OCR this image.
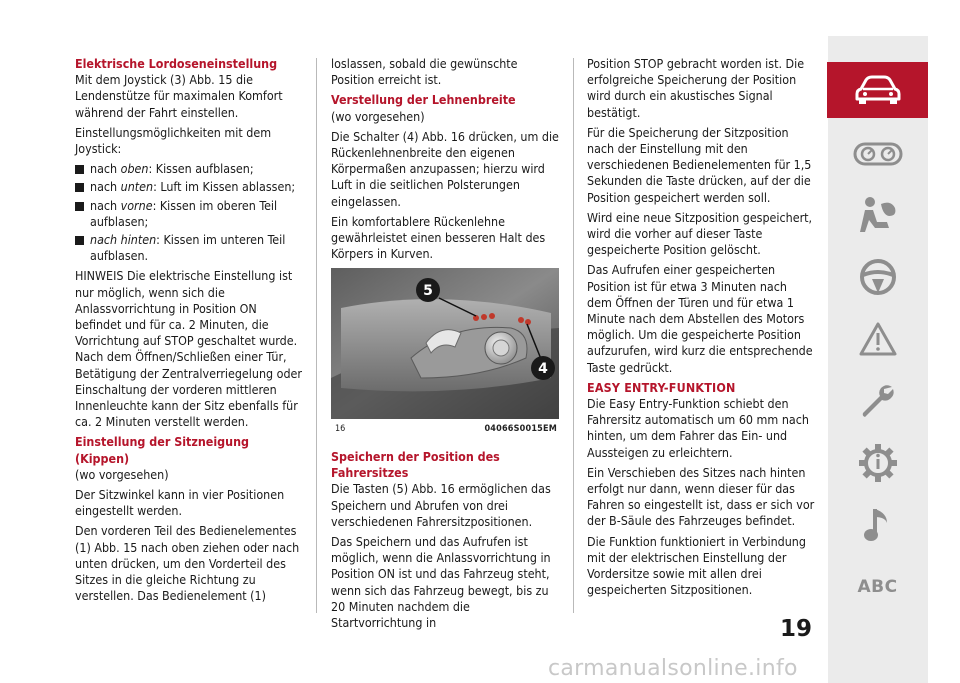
Elektrische Lordoseneinstellung

Mit dem Joystick (3) Abb. 15 die Lendenstütze für maximalen Komfort während der Fahrt einstellen.

Einstellungsmöglichkeiten mit dem Joystick:

nach oben: Kissen aufblasen;
nach unten: Luft im Kissen ablassen;
nach vorne: Kissen im oberen Teil aufblasen;
nach hinten: Kissen im unteren Teil aufblasen.

HINWEIS Die elektrische Einstellung ist nur möglich, wenn sich die Anlassvorrichtung in Position ON befindet und für ca. 2 Minuten, die Vorrichtung auf STOP geschaltet wurde. Nach dem Öffnen/Schließen einer Tür, Betätigung der Zentralverriegelung oder Einschaltung der vorderen mittleren Innenleuchte kann der Sitz ebenfalls für ca. 2 Minuten verstellt werden.

Einstellung der Sitzneigung (Kippen)

(wo vorgesehen)

Der Sitzwinkel kann in vier Positionen eingestellt werden.

Den vorderen Teil des Bedienelementes (1) Abb. 15 nach oben ziehen oder nach unten drücken, um den Vorderteil des Sitzes in die gleiche Richtung zu verstellen. Das Bedienelement (1)

loslassen, sobald die gewünschte Position erreicht ist.

Verstellung der Lehnenbreite

(wo vorgesehen)

Die Schalter (4) Abb. 16 drücken, um die Rückenlehnenbreite den eigenen Körpermaßen anzupassen; hierzu wird Luft in die seitlichen Polsterungen eingelassen.

Ein komfortablere Rückenlehne gewährleistet einen besseren Halt des Körpers in Kurven.

5
4
16	04066S0015EM
Speichern der Position des Fahrersitzes

Die Tasten (5) Abb. 16 ermöglichen das Speichern und Abrufen von drei verschiedenen Fahrersitzpositionen.

Das Speichern und das Aufrufen ist möglich, wenn die Anlassvorrichtung in Position ON ist und das Fahrzeug steht, wenn sich das Fahrzeug bewegt, bis zu 20 Minuten nachdem die Startvorrichtung in

Position STOP gebracht worden ist. Die erfolgreiche Speicherung der Position wird durch ein akustisches Signal bestätigt.

Für die Speicherung der Sitzposition nach der Einstellung mit den verschiedenen Bedienelementen für 1,5 Sekunden die Taste drücken, auf der die Position gespeichert werden soll.

Wird eine neue Sitzposition gespeichert, wird die vorher auf dieser Taste gespeicherte Position gelöscht.

Das Aufrufen einer gespeicherten Position ist für etwa 3 Minuten nach dem Öffnen der Türen und für etwa 1 Minute nach dem Abstellen des Motors möglich. Um die gespeicherte Position aufzurufen, wird kurz die entsprechende Taste gedrückt.

EASY ENTRY-FUNKTION

Die Easy Entry-Funktion schiebt den Fahrersitz automatisch um 60 mm nach hinten, um dem Fahrer das Ein- und Aussteigen zu erleichtern.

Ein Verschieben des Sitzes nach hinten erfolgt nur dann, wenn dieser für das Fahren so eingestellt ist, dass er sich vor der B-Säule des Fahrzeuges befindet.

Die Funktion funktioniert in Verbindung mit der elektrischen Einstellung der Vordersitze sowie mit allen drei gespeicherten Sitzpositionen.	ABC
19
carmanualsonline.info
